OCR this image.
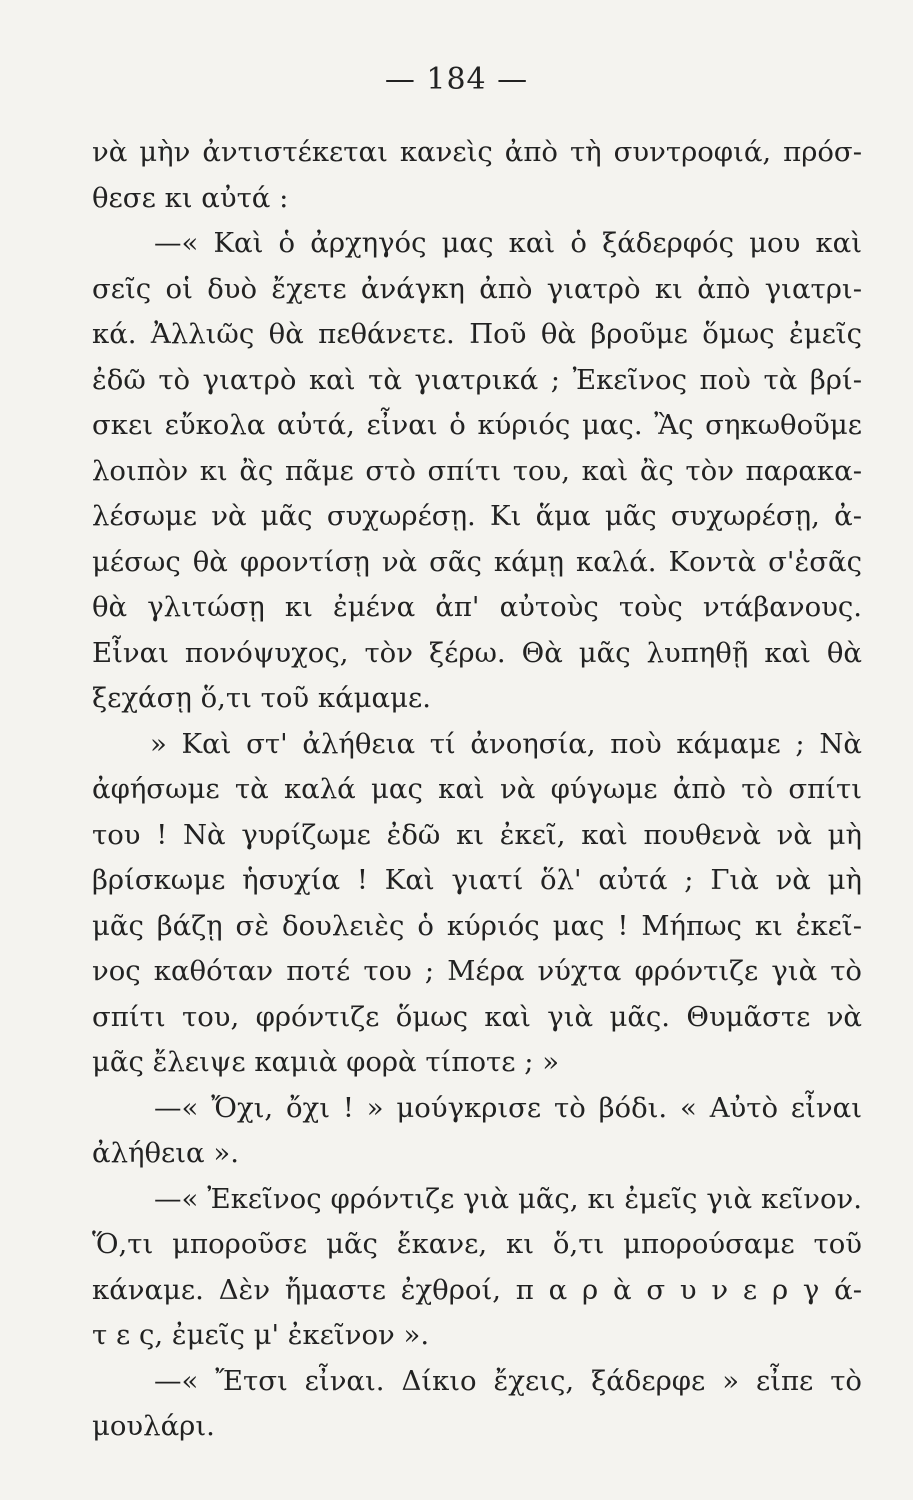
— 184 —
νὰ μὴν ἀντιστέκεται κανεὶς ἀπὸ τὴ συντροφιά, πρόσ-
θεσε κι αὐτά :
—« Καὶ ὁ ἀρχηγός μας καὶ ὁ ξάδερφός μου καὶ
σεῖς οἱ δυὸ ἔχετε ἀνάγκη ἀπὸ γιατρὸ κι ἀπὸ γιατρι-
κά. Ἀλλιῶς θὰ πεθάνετε. Ποῦ θὰ βροῦμε ὅμως ἐμεῖς
ἐδῶ τὸ γιατρὸ καὶ τὰ γιατρικά ; Ἐκεῖνος ποὺ τὰ βρί-
σκει εὔκολα αὐτά, εἶναι ὁ κύριός μας. Ἂς σηκωθοῦμε
λοιπὸν κι ἂς πᾶμε στὸ σπίτι του, καὶ ἂς τὸν παρακα-
λέσωμε νὰ μᾶς συχωρέσῃ. Κι ἅμα μᾶς συχωρέσῃ, ἀ-
μέσως θὰ φροντίσῃ νὰ σᾶς κάμῃ καλά. Κοντὰ σ'ἐσᾶς
θὰ γλιτώσῃ κι ἐμένα ἀπ' αὐτοὺς τοὺς ντάβανους.
Εἶναι πονόψυχος, τὸν ξέρω. Θὰ μᾶς λυπηθῇ καὶ θὰ
ξεχάσῃ ὅ,τι τοῦ κάμαμε.
» Καὶ στ' ἀλήθεια τί ἀνοησία, ποὺ κάμαμε ; Νὰ
ἀφήσωμε τὰ καλά μας καὶ νὰ φύγωμε ἀπὸ τὸ σπίτι
του ! Νὰ γυρίζωμε ἐδῶ κι ἐκεῖ, καὶ πουθενὰ νὰ μὴ
βρίσκωμε ἡσυχία ! Καὶ γιατί ὅλ' αὐτά ; Γιὰ νὰ μὴ
μᾶς βάζῃ σὲ δουλειὲς ὁ κύριός μας ! Μήπως κι ἐκεῖ-
νος καθόταν ποτέ του ; Μέρα νύχτα φρόντιζε γιὰ τὸ
σπίτι του, φρόντιζε ὅμως καὶ γιὰ μᾶς. Θυμᾶστε νὰ
μᾶς ἔλειψε καμιὰ φορὰ τίποτε ; »
—« Ὄχι, ὄχι ! » μούγκρισε τὸ βόδι. « Αὐτὸ εἶναι
ἀλήθεια ».
—« Ἐκεῖνος φρόντιζε γιὰ μᾶς, κι ἐμεῖς γιὰ κεῖνον.
Ὅ,τι μποροῦσε μᾶς ἔκανε, κι ὅ,τι μπορούσαμε τοῦ
κάναμε. Δὲν ἤμαστε ἐχθροί, π α ρ ὰ σ υ ν ε ρ γ ά-
τ ε ς, ἐμεῖς μ' ἐκεῖνον ».
—« Ἔτσι εἶναι. Δίκιο ἔχεις, ξάδερφε » εἶπε τὸ
μουλάρι.
